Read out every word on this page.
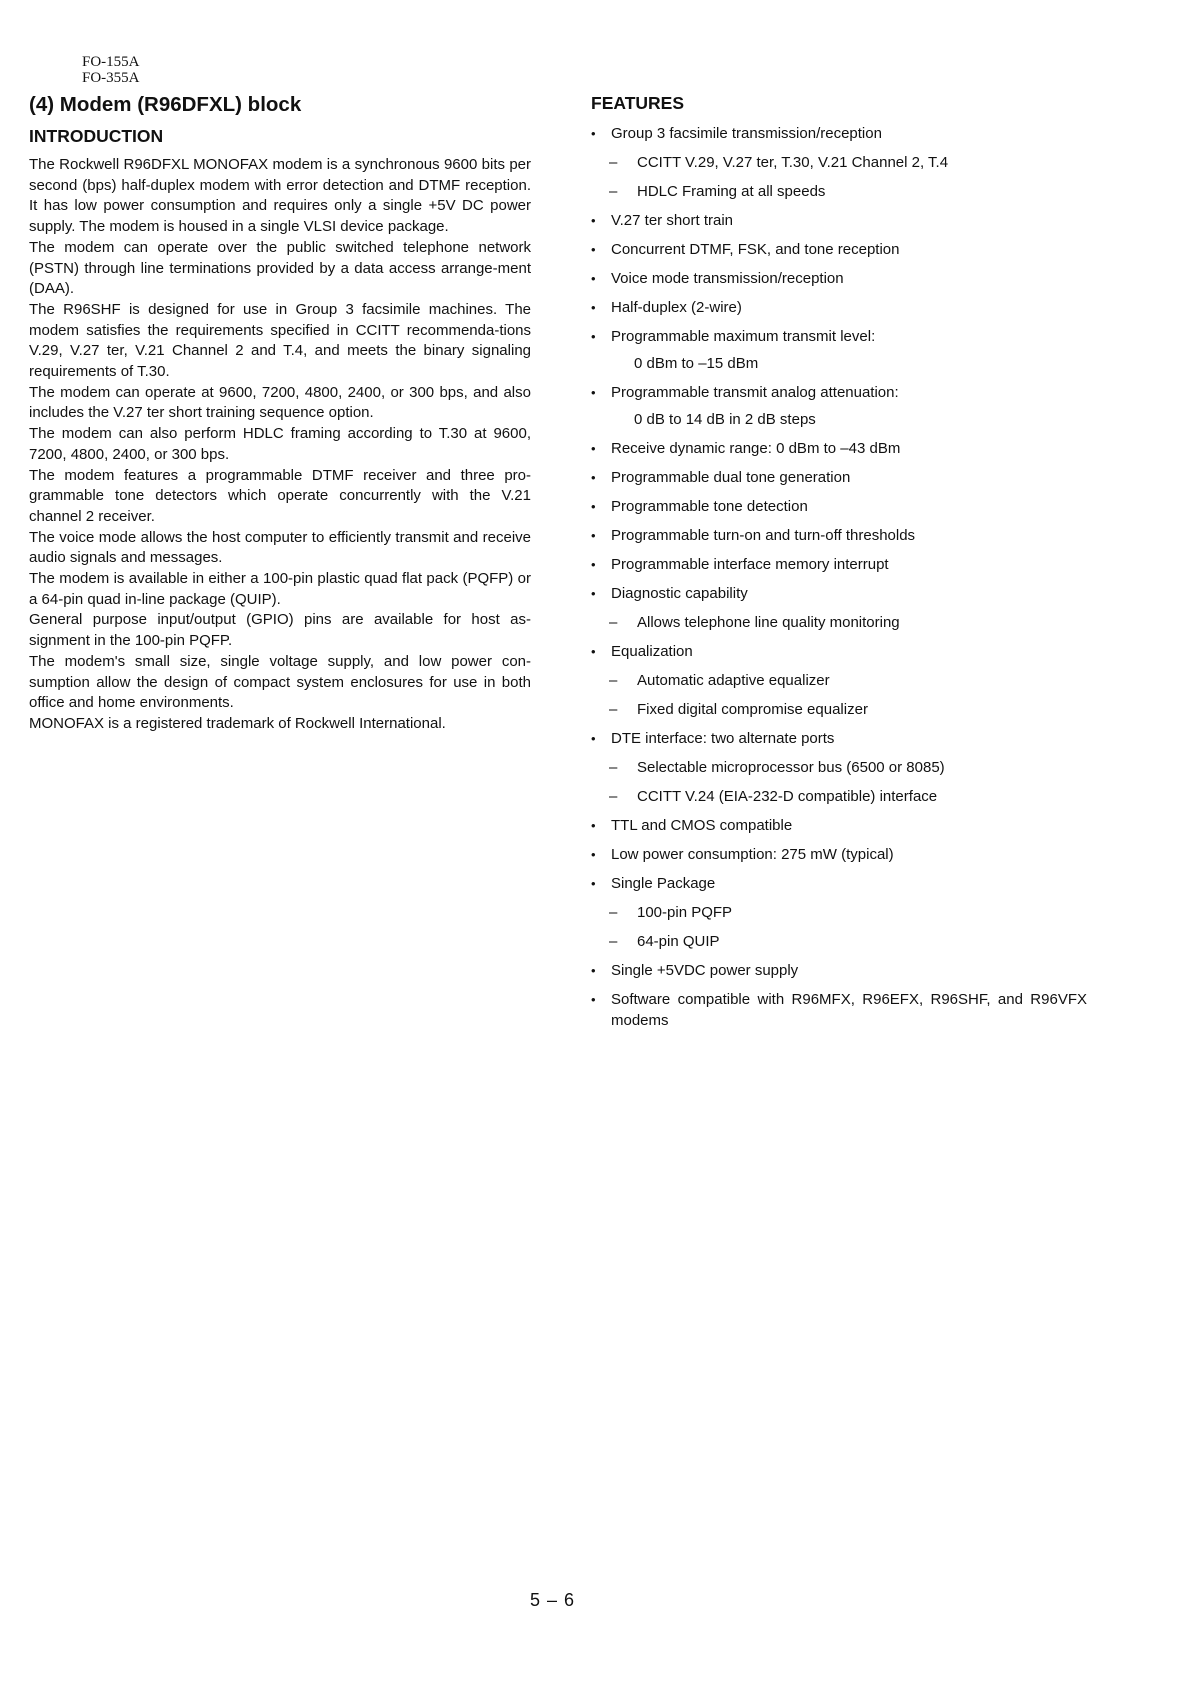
FO-155A
FO-355A
(4) Modem (R96DFXL) block
INTRODUCTION

The Rockwell R96DFXL MONOFAX modem is a synchronous 9600 bits per second (bps) half-duplex modem with error detection and DTMF reception. It has low power consumption and requires only a single +5V DC power supply. The modem is housed in a single VLSI device package.

The modem can operate over the public switched telephone network (PSTN) through line terminations provided by a data access arrange-ment (DAA).

The R96SHF is designed for use in Group 3 facsimile machines. The modem satisfies the requirements specified in CCITT recommenda-tions V.29, V.27 ter, V.21 Channel 2 and T.4, and meets the binary signaling requirements of T.30.

The modem can operate at 9600, 7200, 4800, 2400, or 300 bps, and also includes the V.27 ter short training sequence option.

The modem can also perform HDLC framing according to T.30 at 9600, 7200, 4800, 2400, or 300 bps.

The modem features a programmable DTMF receiver and three pro-grammable tone detectors which operate concurrently with the V.21 channel 2 receiver.

The voice mode allows the host computer to efficiently transmit and receive audio signals and messages.

The modem is available in either a 100-pin plastic quad flat pack (PQFP) or a 64-pin quad in-line package (QUIP).

General purpose input/output (GPIO) pins are available for host as-signment in the 100-pin PQFP.

The modem's small size, single voltage supply, and low power con-sumption allow the design of compact system enclosures for use in both office and home environments.

MONOFAX is a registered trademark of Rockwell International.

FEATURES
•	Group 3 facsimile transmission/reception
–	CCITT V.29, V.27 ter, T.30, V.21 Channel 2, T.4
–	HDLC Framing at all speeds
•	V.27 ter short train
•	Concurrent DTMF, FSK, and tone reception
•	Voice mode transmission/reception
•	Half-duplex (2-wire)
•	Programmable maximum transmit level:
0 dBm to –15 dBm
•	Programmable transmit analog attenuation:
0 dB to 14 dB in 2 dB steps
•	Receive dynamic range: 0 dBm to –43 dBm
•	Programmable dual tone generation
•	Programmable tone detection
•	Programmable turn-on and turn-off thresholds
•	Programmable interface memory interrupt
•	Diagnostic capability
–	Allows telephone line quality monitoring
•	Equalization
–	Automatic adaptive equalizer
–	Fixed digital compromise equalizer
•	DTE interface: two alternate ports
–	Selectable microprocessor bus (6500 or 8085)
–	CCITT V.24 (EIA-232-D compatible) interface
•	TTL and CMOS compatible
•	Low power consumption: 275 mW (typical)
•	Single Package
–	100-pin PQFP
–	64-pin QUIP
•	Single +5VDC power supply
•	Software compatible with R96MFX, R96EFX, R96SHF, and R96VFX modems
5 – 6
